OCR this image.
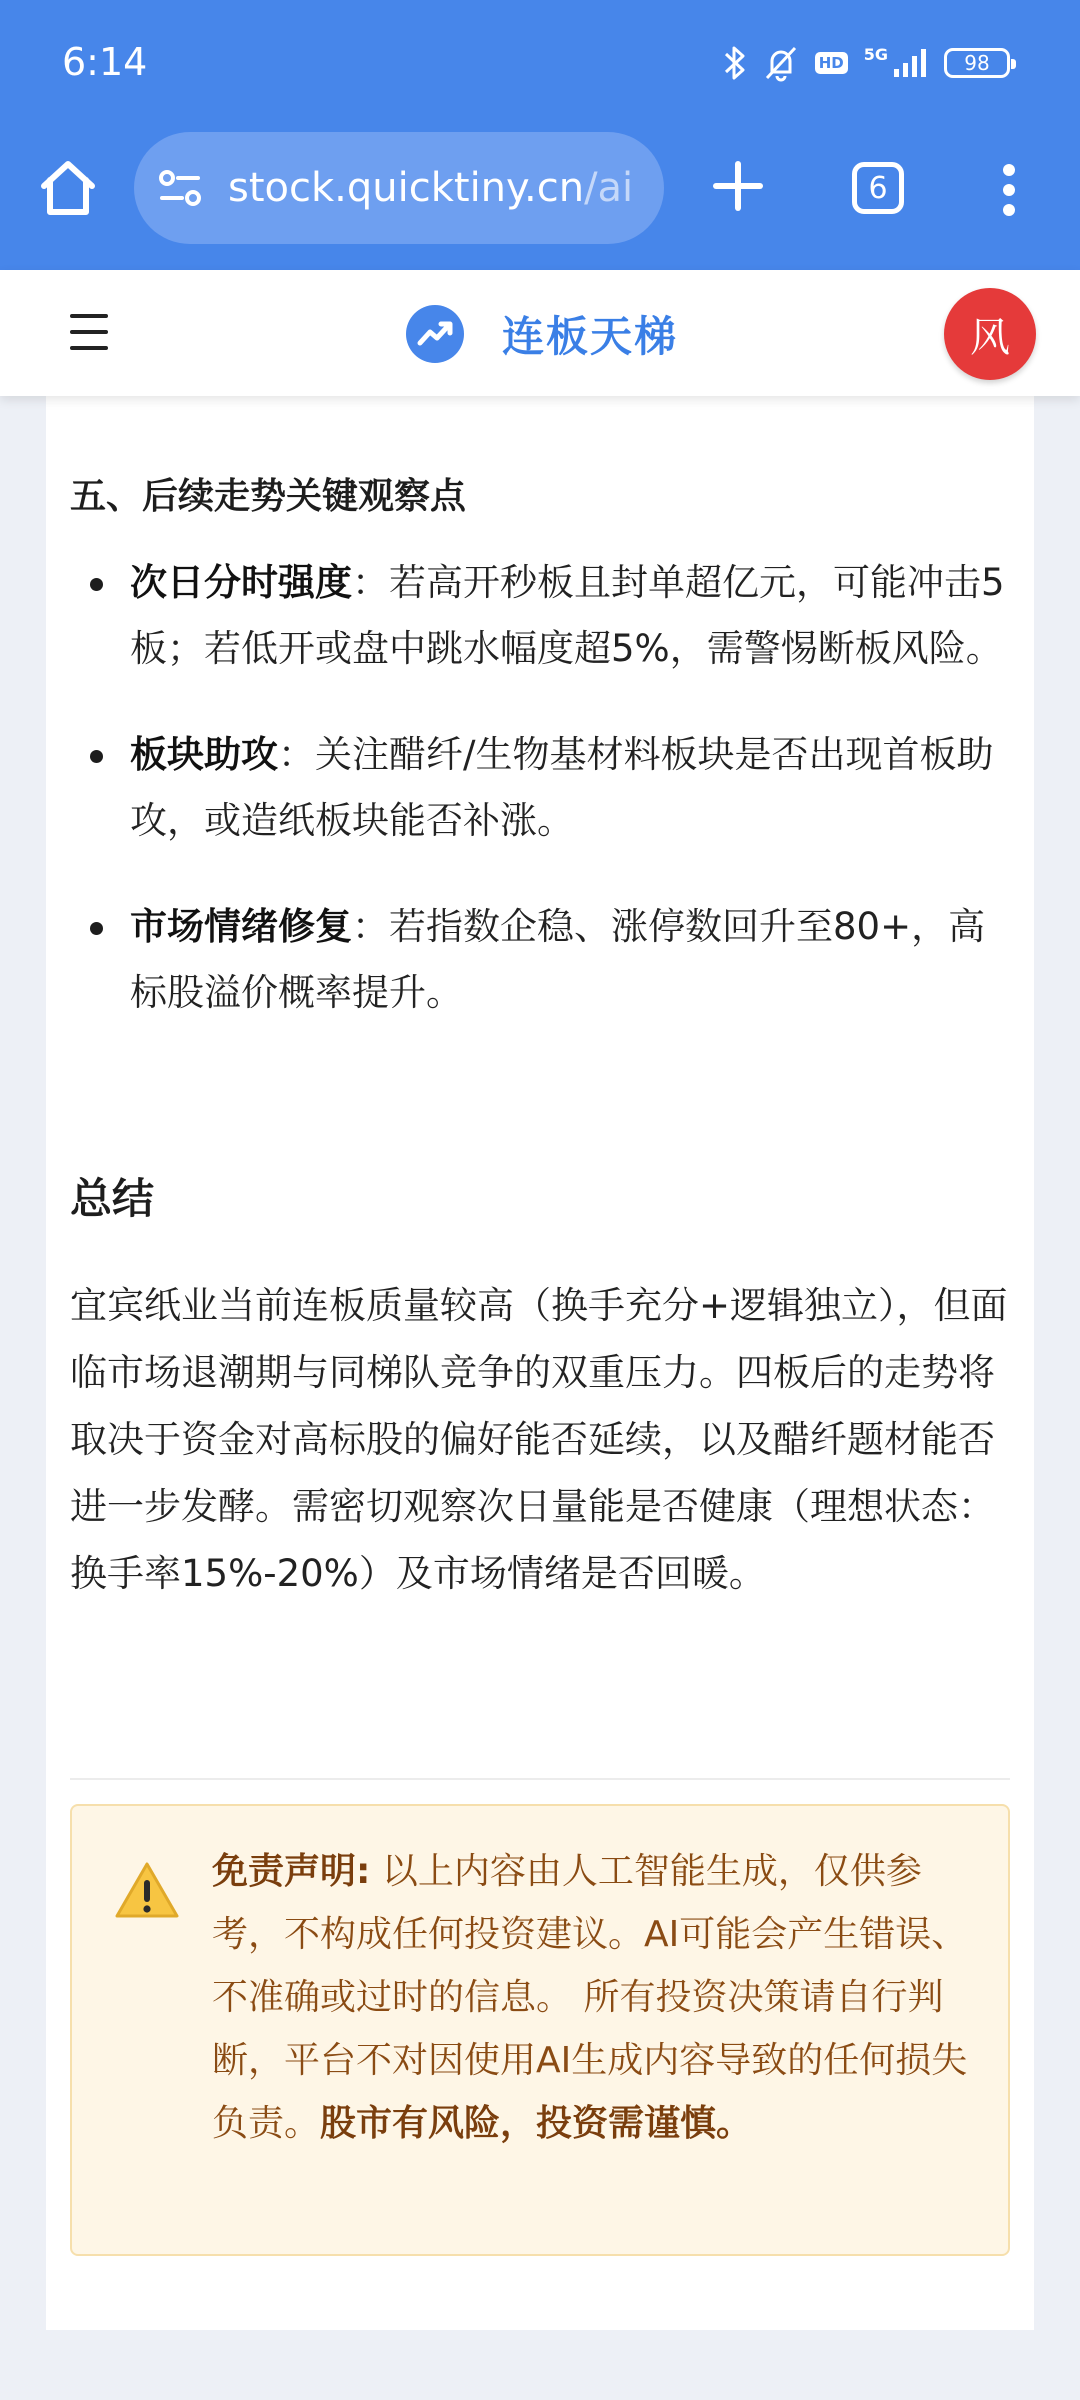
6:14	HD 5G	98
stock.quicktiny.cn/ai	6
连板天梯	风
五、后续走势关键观察点
次日分时强度：若高开秒板且封单超亿元，可能冲击5板；若低开或盘中跳水幅度超5%，需警惕断板风险。
板块助攻：关注醋纤/生物基材料板块是否出现首板助攻，或造纸板块能否补涨。
市场情绪修复：若指数企稳、涨停数回升至80+，高标股溢价概率提升。
总结

宜宾纸业当前连板质量较高（换手充分+逻辑独立），但面临市场退潮期与同梯队竞争的双重压力。四板后的走势将取决于资金对高标股的偏好能否延续，以及醋纤题材能否进一步发酵。需密切观察次日量能是否健康（理想状态：换手率15%-20%）及市场情绪是否回暖。

免责声明: 以上内容由人工智能生成，仅供参考，不构成任何投资建议。AI可能会产生错误、不准确或过时的信息。 所有投资决策请自行判断，平台不对因使用AI生成内容导致的任何损失负责。股市有风险，投资需谨慎。
